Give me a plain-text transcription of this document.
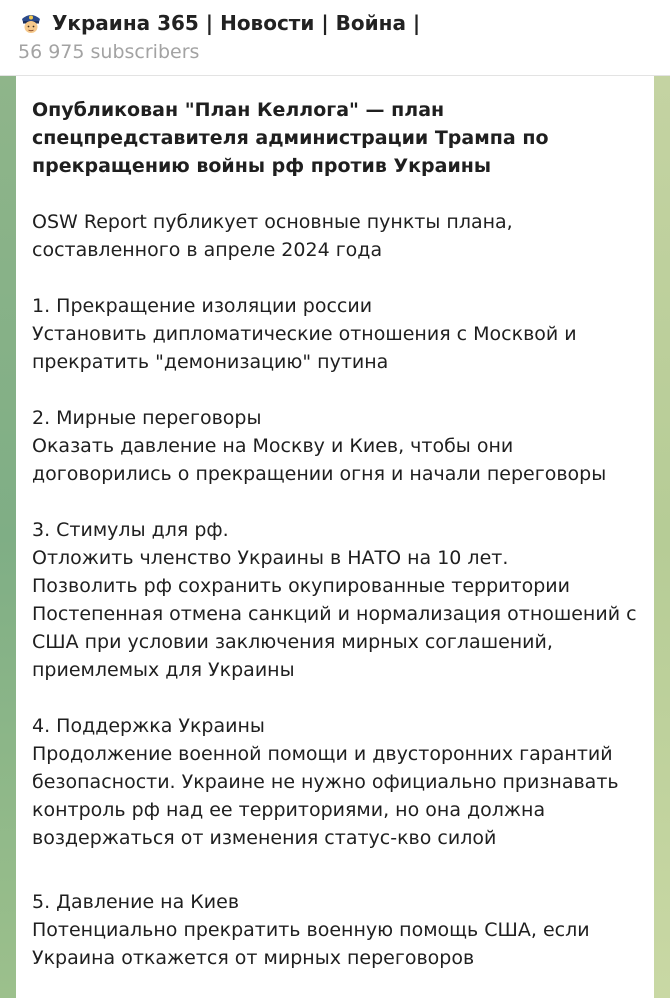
Украина 365 | Новости | Война |
56 975 subscribers
Опубликован "План Келлога" — план спецпредставителя администрации Трампа по прекращению войны рф против Украины
OSW Report публикует основные пункты плана, составленного в апреле 2024 года
1. Прекращение изоляции россии
Установить дипломатические отношения с Москвой и прекратить "демонизацию" путина
2. Мирные переговоры
Оказать давление на Москву и Киев, чтобы они договорились о прекращении огня и начали переговоры
3. Стимулы для рф.
Отложить членство Украины в НАТО на 10 лет.
Позволить рф сохранить окупированные территории
Постепенная отмена санкций и нормализация отношений с США при условии заключения мирных соглашений, приемлемых для Украины
4. Поддержка Украины
Продолжение военной помощи и двусторонних гарантий безопасности. Украине не нужно официально признавать контроль рф над ее территориями, но она должна воздержаться от изменения статус-кво силой
5. Давление на Киев
Потенциально прекратить военную помощь США, если Украина откажется от мирных переговоров
